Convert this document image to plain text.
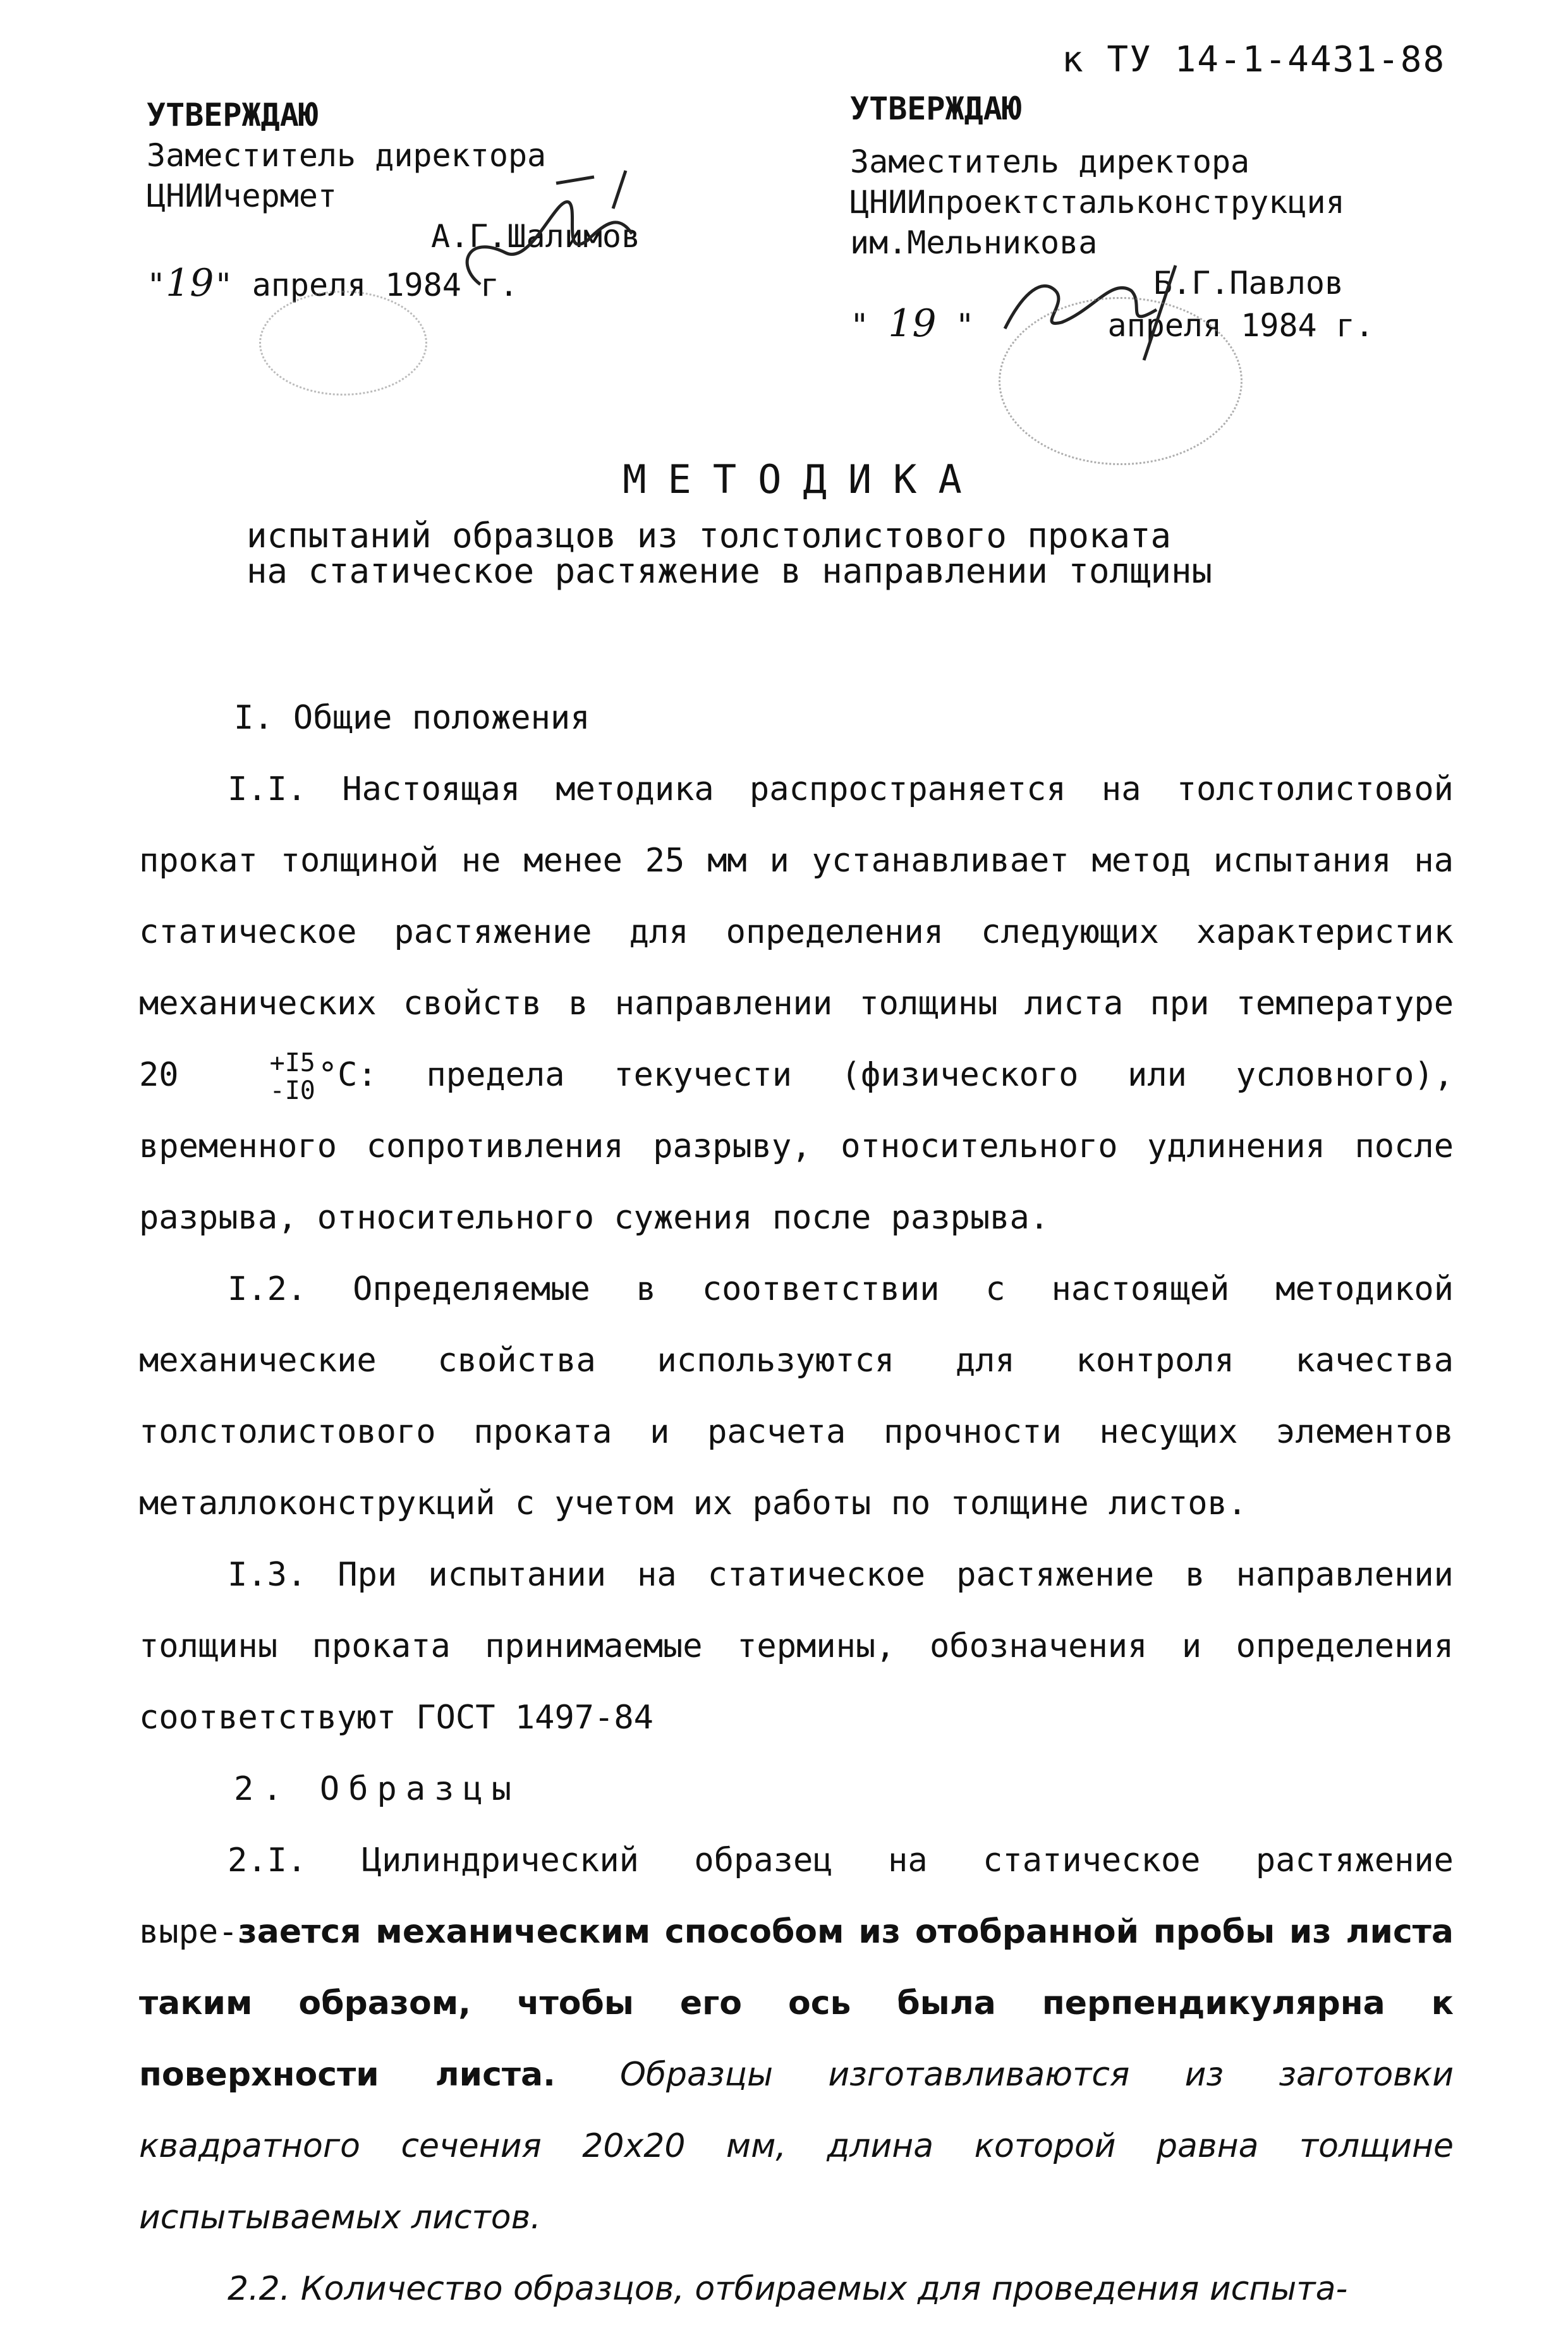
к ТУ 14-1-4431-88
УТВЕРЖДАЮ
Заместитель директора
ЦНИИчермет
А.Г.Шалимов
"19" апреля 1984 г.
УТВЕРЖДАЮ
Заместитель директора
ЦНИИпроектстальконструкция
им.Мельникова
Б.Г.Павлов
" 19 "       апреля 1984 г.
МЕТОДИКА
испытаний образцов из толстолистового проката
на статическое растяжение в направлении толщины

I. Общие положения

I.I. Настоящая методика распространяется на толстолистовой прокат толщиной не менее 25 мм и устанавливает метод испытания на статическое растяжение для определения следующих характеристик механических свойств в направлении толщины листа при температуре 20	+I5
-I0 °С: предела текучести (физического или условного), временного сопротивления разрыву, относительного удлинения после разрыва, относительного сужения после разрыва.

I.2. Определяемые в соответствии с настоящей методикой механические свойства используются для контроля качества толстолистового проката и расчета прочности несущих элементов металлоконструкций с учетом их работы по толщине листов.

I.3. При испытании на статическое растяжение в направлении толщины проката принимаемые термины, обозначения и определения соответствуют ГОСТ 1497-84

2. Образцы

2.I. Цилиндрический образец на статическое растяжение выре‑зается механическим способом из отобранной пробы из листа таким образом, чтобы его ось была перпендикулярна к поверхности листа. Образцы изготавливаются из заготовки квадратного сечения 20х20 мм, длина которой равна толщине испытываемых листов.

2.2. Количество образцов, отбираемых для проведения испыта-
